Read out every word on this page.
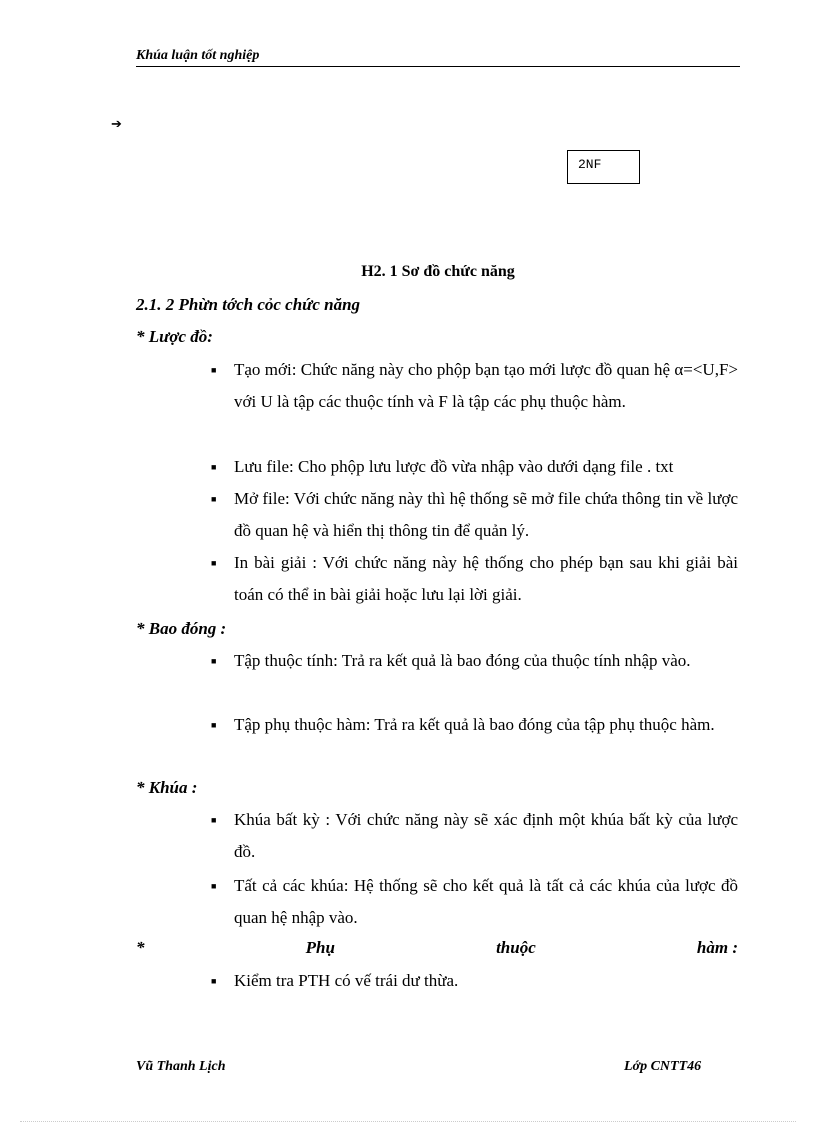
Khúa luận tốt nghiệp
➔
2NF
H2. 1 Sơ đồ chức năng
2.1. 2 Phừn tớch cỏc chức năng
* Lược đồ:
■ Tạo mới: Chức năng này cho phộp bạn tạo mới lược đồ quan hệ α=<U,F> với U là tập các thuộc tính và F là tập các phụ thuộc hàm.
■ Lưu file: Cho phộp lưu lược đồ vừa nhập vào dưới dạng file . txt
■ Mở file: Với chức năng này thì hệ thống sẽ mở file chứa thông tin về lược đồ quan hệ và hiển thị thông tin để quản lý.
■ In bài giải : Với chức năng này hệ thống cho phép bạn sau khi giải bài toán có thể in bài giải hoặc lưu lại lời giải.
* Bao đóng :
■ Tập thuộc tính: Trả ra kết quả là bao đóng của thuộc tính nhập vào.
■ Tập phụ thuộc hàm: Trả ra kết quả là bao đóng của tập phụ thuộc hàm.
* Khúa :
■ Khúa bất kỳ : Với chức năng này sẽ xác định một khúa bất kỳ của lược đồ.
■ Tất cả các khúa: Hệ thống sẽ cho kết quả là tất cả các khúa của lược đồ quan hệ nhập vào.
*	Phụ	thuộc	hàm :
■ Kiểm tra PTH có vế trái dư thừa.
Vũ Thanh Lịch	Lớp CNTT46
